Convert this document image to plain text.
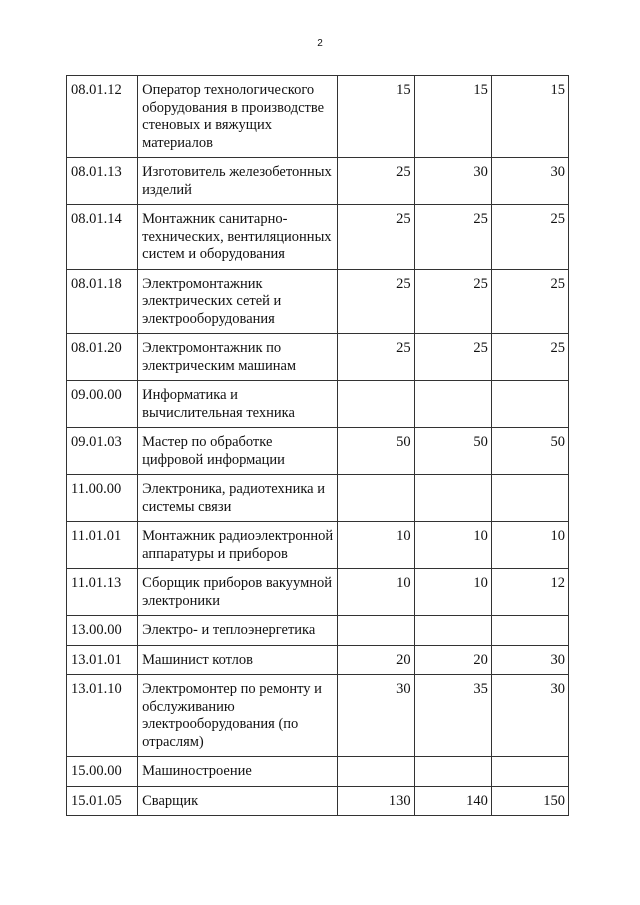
2
08.01.12	Оператор технологического оборудования в производстве стеновых и вяжущих материалов	15	15	15
08.01.13	Изготовитель железобетонных изделий	25	30	30
08.01.14	Монтажник санитарно-технических, вентиляционных систем и оборудования	25	25	25
08.01.18	Электромонтажник электрических сетей и электрооборудования	25	25	25
08.01.20	Электромонтажник по электрическим машинам	25	25	25
09.00.00	Информатика и вычислительная техника			
09.01.03	Мастер по обработке цифровой информации	50	50	50
11.00.00	Электроника, радиотехника и системы связи			
11.01.01	Монтажник радиоэлектронной аппаратуры и приборов	10	10	10
11.01.13	Сборщик приборов вакуумной электроники	10	10	12
13.00.00	Электро- и теплоэнергетика			
13.01.01	Машинист котлов	20	20	30
13.01.10	Электромонтер по ремонту и обслуживанию электрооборудования (по отраслям)	30	35	30
15.00.00	Машиностроение			
15.01.05	Сварщик	130	140	150
